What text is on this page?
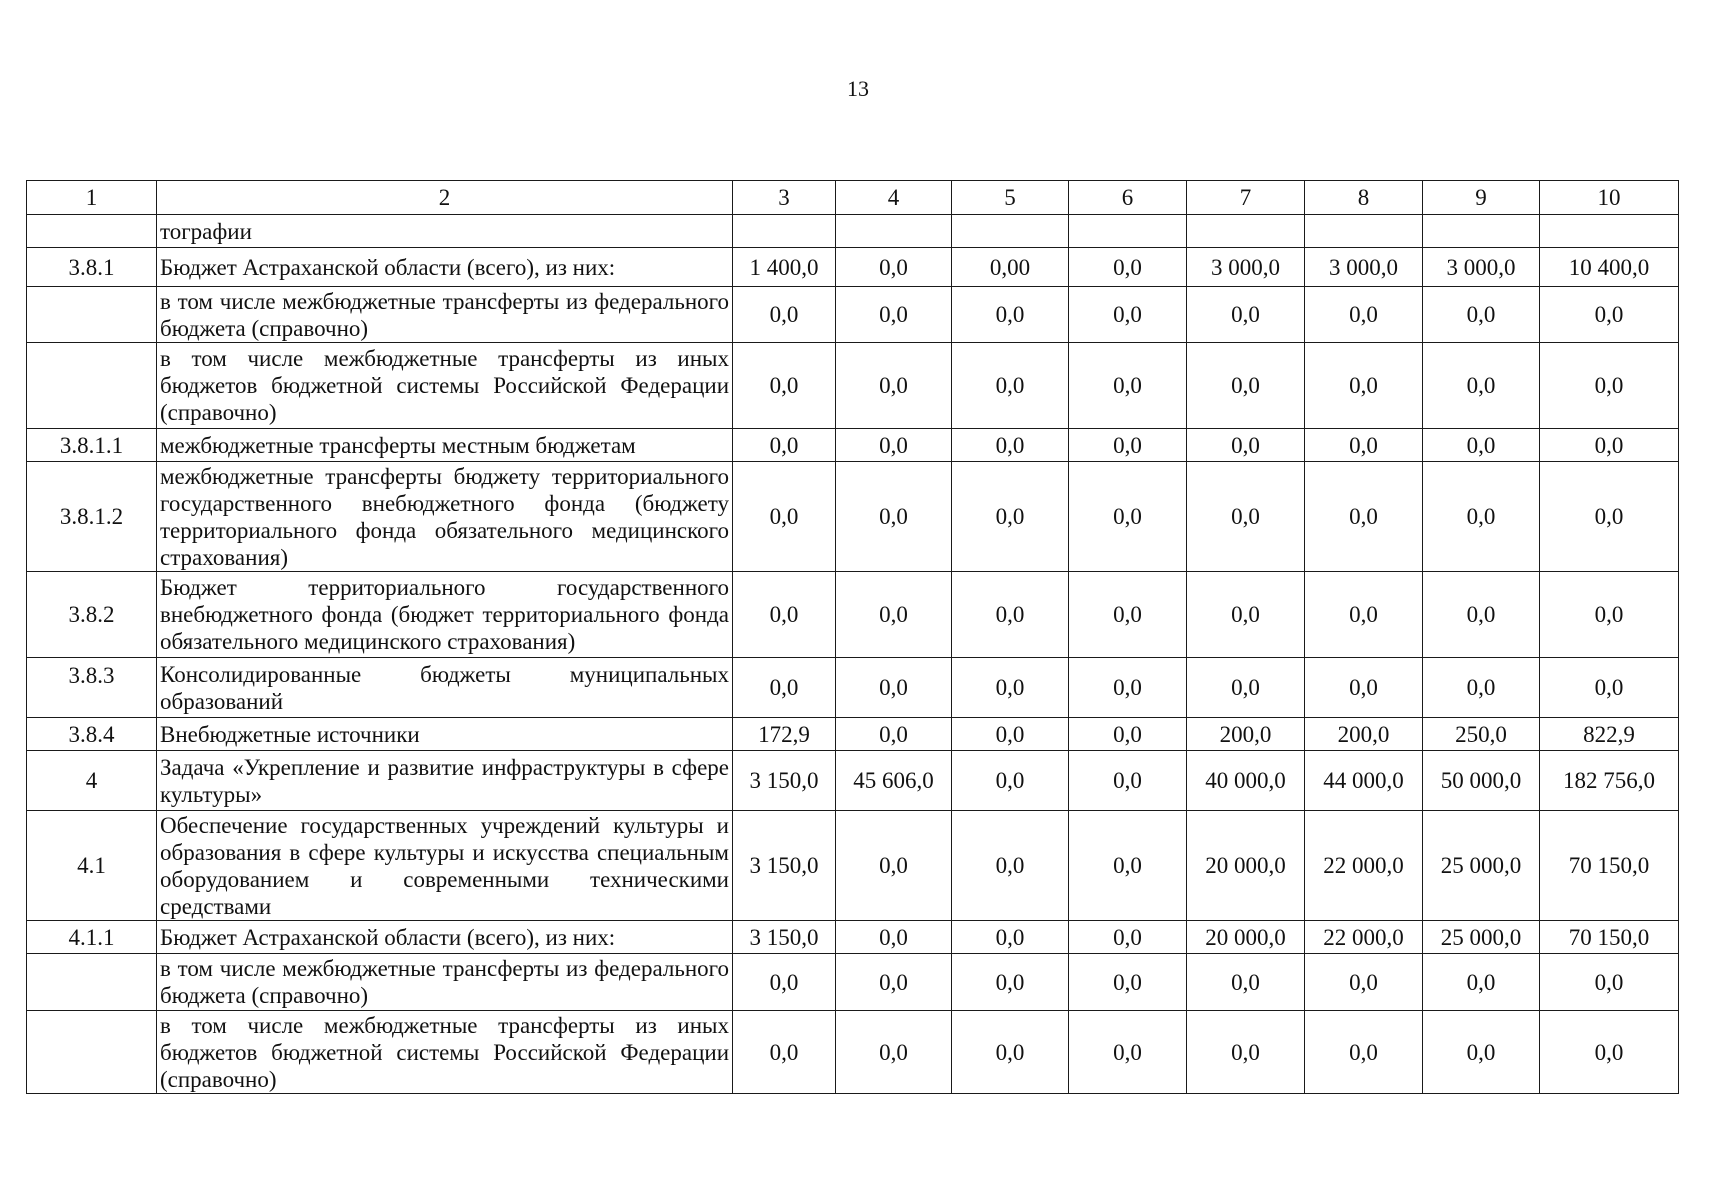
13
1	2	3	4	5	6	7	8	9	10
	тографии								
3.8.1	Бюджет Астраханской области (всего), из них:	1 400,0	0,0	0,00	0,0	3 000,0	3 000,0	3 000,0	10 400,0
	в том числе межбюджетные трансферты из федерального бюджета (справочно)	0,0	0,0	0,0	0,0	0,0	0,0	0,0	0,0
	в том числе межбюджетные трансферты из иных бюджетов бюджетной системы Российской Федерации (справочно)	0,0	0,0	0,0	0,0	0,0	0,0	0,0	0,0
3.8.1.1	межбюджетные трансферты местным бюджетам	0,0	0,0	0,0	0,0	0,0	0,0	0,0	0,0
3.8.1.2	межбюджетные трансферты бюджету территориального государственного внебюджетного фонда (бюджету территориального фонда обязательного медицинского страхования)	0,0	0,0	0,0	0,0	0,0	0,0	0,0	0,0
3.8.2	Бюджет территориального государственного внебюджетного фонда (бюджет территориального фонда обязательного медицинского страхования)	0,0	0,0	0,0	0,0	0,0	0,0	0,0	0,0
3.8.3	Консолидированные бюджеты муниципальных образований	0,0	0,0	0,0	0,0	0,0	0,0	0,0	0,0
3.8.4	Внебюджетные источники	172,9	0,0	0,0	0,0	200,0	200,0	250,0	822,9
4	Задача «Укрепление и развитие инфраструктуры в сфере культуры»	3 150,0	45 606,0	0,0	0,0	40 000,0	44 000,0	50 000,0	182 756,0
4.1	Обеспечение государственных учреждений культуры и образования в сфере культуры и искусства специальным оборудованием и современными техническими средствами	3 150,0	0,0	0,0	0,0	20 000,0	22 000,0	25 000,0	70 150,0
4.1.1	Бюджет Астраханской области (всего), из них:	3 150,0	0,0	0,0	0,0	20 000,0	22 000,0	25 000,0	70 150,0
	в том числе межбюджетные трансферты из федерального бюджета (справочно)	0,0	0,0	0,0	0,0	0,0	0,0	0,0	0,0
	в том числе межбюджетные трансферты из иных бюджетов бюджетной системы Российской Федерации (справочно)	0,0	0,0	0,0	0,0	0,0	0,0	0,0	0,0
